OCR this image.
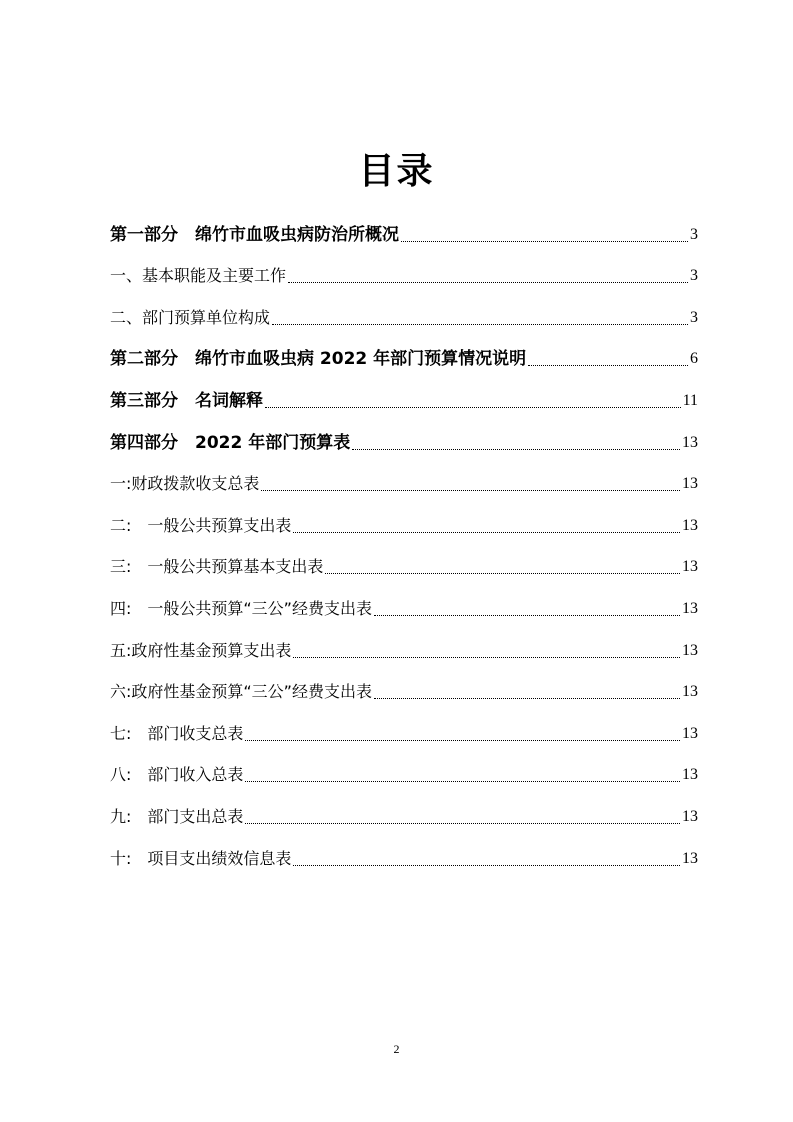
目录
第一部分　绵竹市血吸虫病防治所概况	3
一、基本职能及主要工作	3
二、部门预算单位构成	3
第二部分　绵竹市血吸虫病 2022 年部门预算情况说明	6
第三部分　名词解释	11
第四部分　2022 年部门预算表	13
一:财政拨款收支总表	13
二:　一般公共预算支出表	13
三:　一般公共预算基本支出表	13
四:　一般公共预算“三公”经费支出表	13
五:政府性基金预算支出表	13
六:政府性基金预算“三公”经费支出表	13
七:　部门收支总表	13
八:　部门收入总表	13
九:　部门支出总表	13
十:　项目支出绩效信息表	13
2
